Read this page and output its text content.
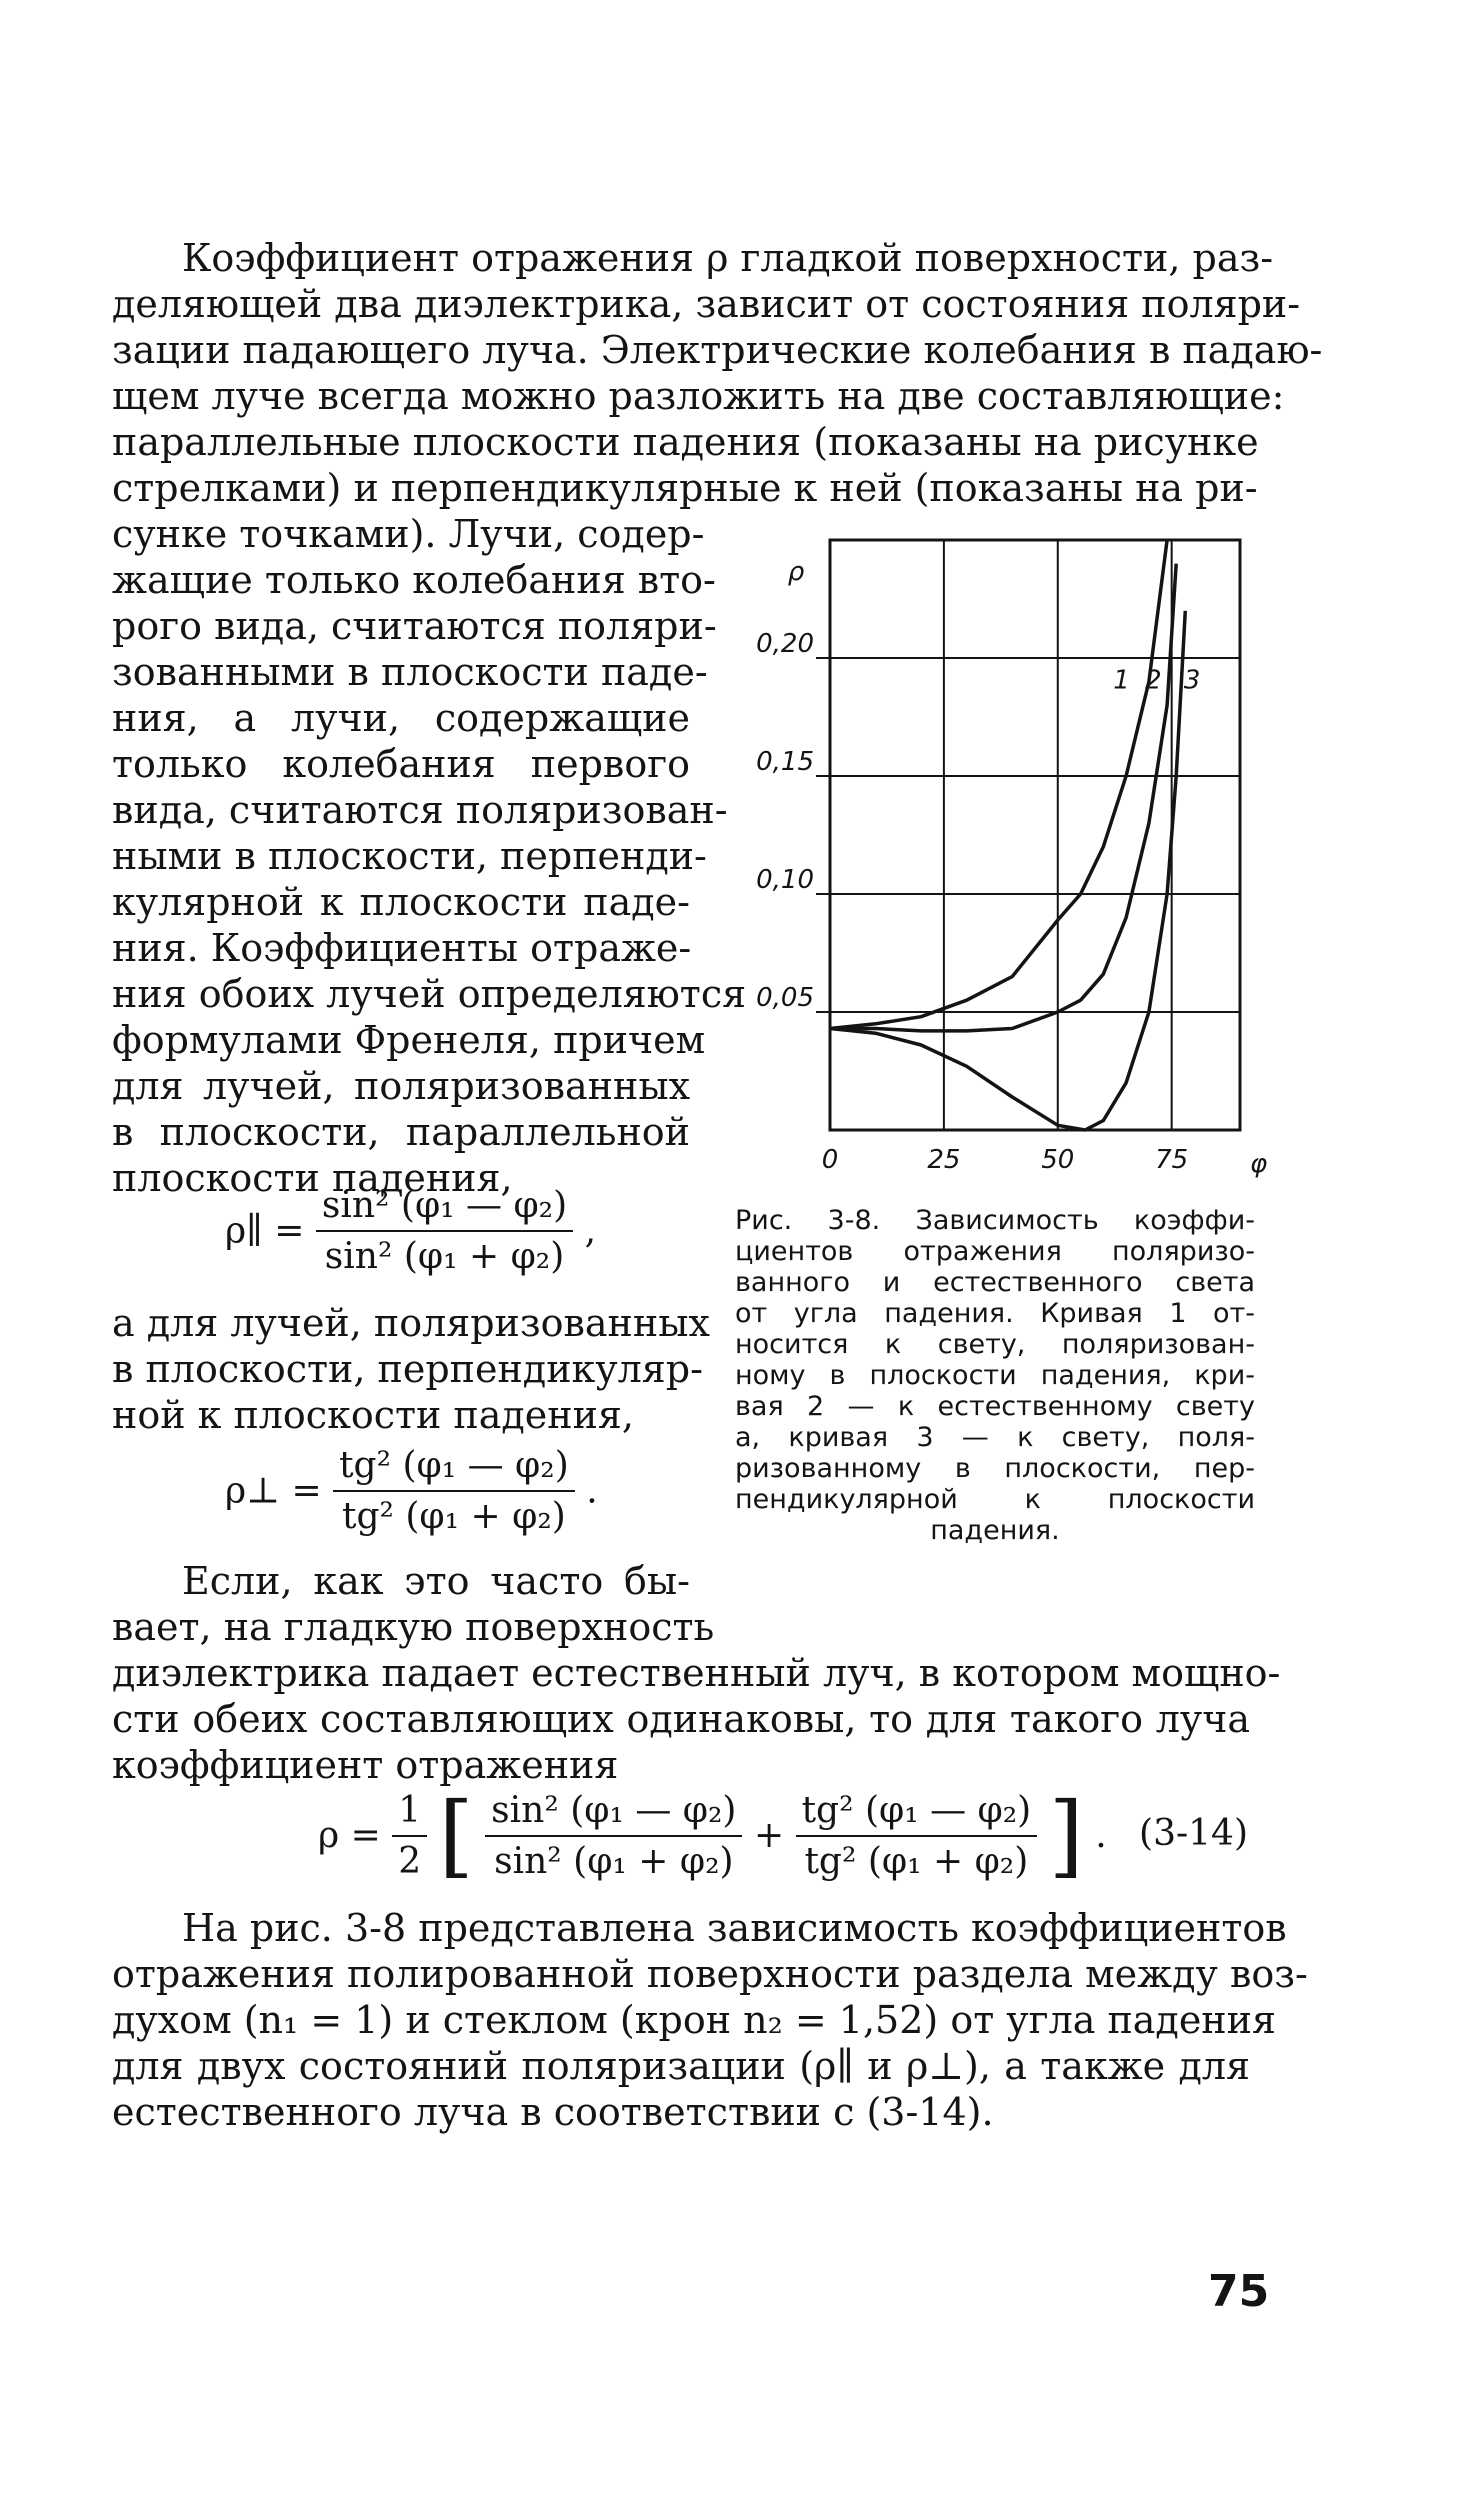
Коэффициент отражения ρ гладкой поверхности, раз-
деляющей два диэлектрика, зависит от состояния поляри-
зации падающего луча. Электрические колебания в падаю-
щем луче всегда можно разложить на две составляющие:
параллельные плоскости падения (показаны на рисунке
стрелками) и перпендикулярные к ней (показаны на ри-
сунке точками). Лучи, содер-
жащие только колебания вто-
рого вида, считаются поляри-
зованными в плоскости паде-
ния, а лучи, содержащие
только колебания первого
вида, считаются поляризован-
ными в плоскости, перпенди-
кулярной к плоскости паде-
ния. Коэффициенты отраже-
ния обоих лучей определяются
формулами Френеля, причем
для лучей, поляризованных
в плоскости, параллельной
плоскости падения,
ρ∥ = $\frac{\text{sin² (φ₁ — φ₂)}}{\text{sin² (φ₁ + φ₂)}}$ ,
а для лучей, поляризованных
в плоскости, перпендикуляр-
ной к плоскости падения,
ρ⊥ = $\frac{\text{tg² (φ₁ — φ₂)}}{\text{tg² (φ₁ + φ₂)}}$ .
Если, как это часто бы-
вает, на гладкую поверхность
диэлектрика падает естественный луч, в котором мощно-
сти обеих составляющих одинаковы, то для такого луча
коэффициент отражения
$\rho = \frac{1}{2}$ [ $\frac{\text{sin² (φ₁ — φ₂)}}{\text{sin² (φ₁ + φ₂)}} + \frac{\text{tg² (φ₁ — φ₂)}}{\text{tg² (φ₁ + φ₂)}}$ ] . (3-14)
На рис. 3-8 представлена зависимость коэффициентов
отражения полированной поверхности раздела между воз-
духом (n₁ = 1) и стеклом (крон n₂ = 1,52) от угла падения
для двух состояний поляризации (ρ∥ и ρ⊥), а также для
естественного луча в соответствии с (3-14).
0	25	50	75
0,05
0,10
0,15
0,20
ρ
φ
1 2 3
Рис. 3-8. Зависимость коэффи-
циентов отражения поляризо-
ванного и естественного света
от угла падения. Кривая 1 от-
носится к свету, поляризован-
ному в плоскости падения, кри-
вая 2 — к естественному свету
а, кривая 3 — к свету, поля-
ризованному в плоскости, пер-
пендикулярной к плоскости
падения.
75
